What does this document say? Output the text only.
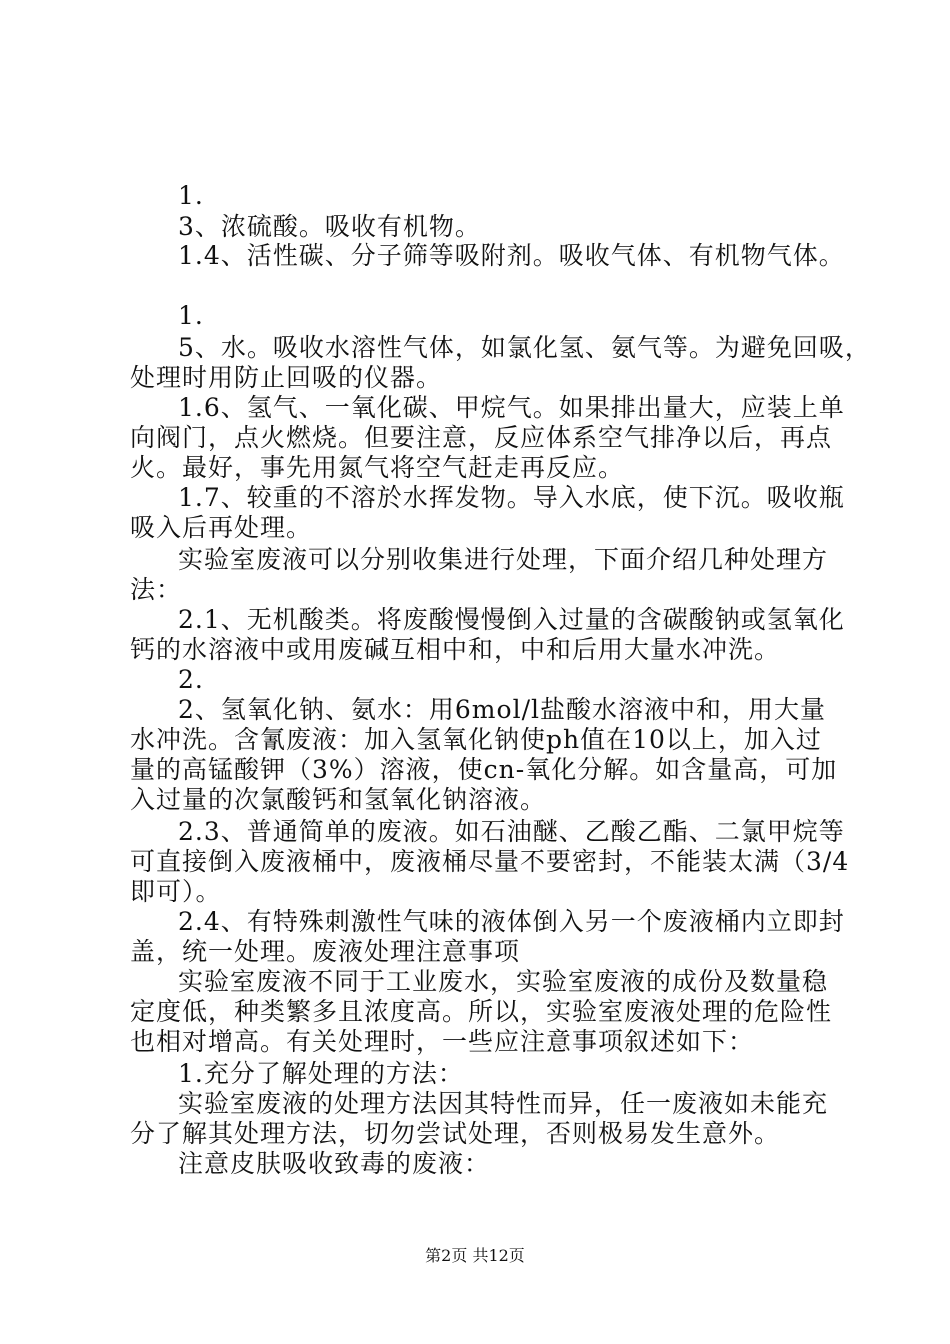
1.
3、浓硫酸。吸收有机物。
1.4、活性碳、分子筛等吸附剂。吸收气体、有机物气体。
1.
5、水。吸收水溶性气体，如氯化氢、氨气等。为避免回吸，
处理时用防止回吸的仪器。
1.6、氢气、一氧化碳、甲烷气。如果排出量大，应装上单
向阀门，点火燃烧。但要注意，反应体系空气排净以后，再点
火。最好，事先用氮气将空气赶走再反应。
1.7、较重的不溶於水挥发物。导入水底，使下沉。吸收瓶
吸入后再处理。
实验室废液可以分别收集进行处理，下面介绍几种处理方
法：
2.1、无机酸类。将废酸慢慢倒入过量的含碳酸钠或氢氧化
钙的水溶液中或用废碱互相中和，中和后用大量水冲洗。
2.
2、氢氧化钠、氨水：用6mol/l盐酸水溶液中和，用大量
水冲洗。含氰废液：加入氢氧化钠使ph值在10以上，加入过
量的高锰酸钾（3%）溶液，使cn-氧化分解。如含量高，可加
入过量的次氯酸钙和氢氧化钠溶液。
2.3、普通简单的废液。如石油醚、乙酸乙酯、二氯甲烷等
可直接倒入废液桶中，废液桶尽量不要密封，不能装太满（3/4
即可）。
2.4、有特殊刺激性气味的液体倒入另一个废液桶内立即封
盖，统一处理。废液处理注意事项
实验室废液不同于工业废水，实验室废液的成份及数量稳
定度低，种类繁多且浓度高。所以，实验室废液处理的危险性
也相对增高。有关处理时，一些应注意事项叙述如下：
1.充分了解处理的方法：
实验室废液的处理方法因其特性而异，任一废液如未能充
分了解其处理方法，切勿尝试处理，否则极易发生意外。
注意皮肤吸收致毒的废液：
第2页 共12页
